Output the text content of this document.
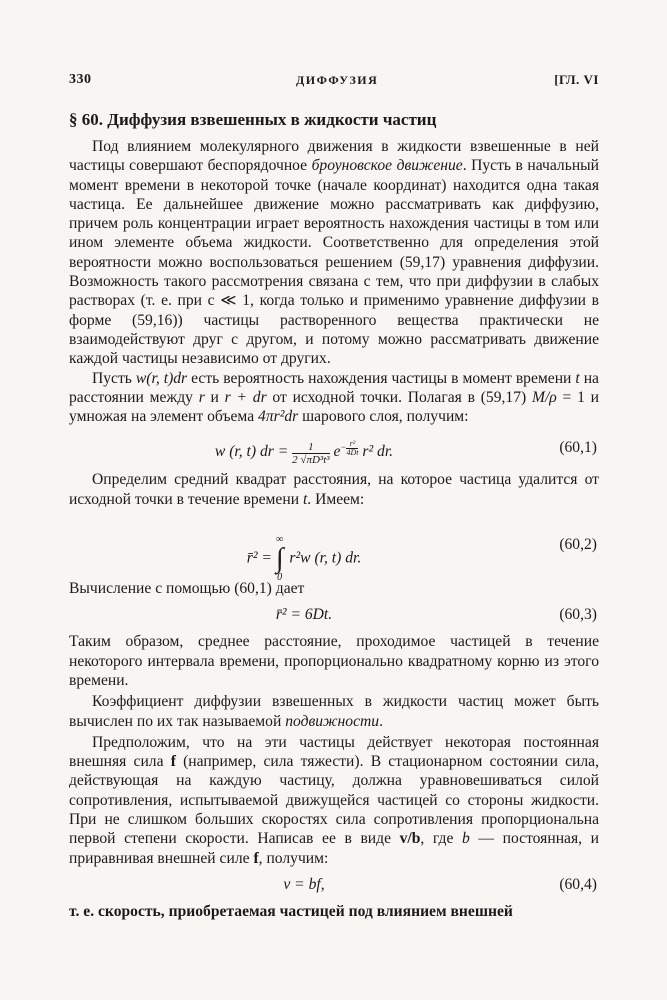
330	ДИФФУЗИЯ	[ГЛ. VI
§ 60. Диффузия взвешенных в жидкости частиц

Под влиянием молекулярного движения в жидкости взвешенные в ней частицы совершают беспорядочное броуновское движение. Пусть в начальный момент времени в некоторой точке (начале координат) находится одна такая частица. Ее дальнейшее движение можно рассматривать как диффузию, причем роль концентрации играет вероятность нахождения частицы в том или ином элементе объема жидкости. Соответственно для определения этой вероятности можно воспользоваться решением (59,17) уравнения диффузии. Возможность такого рассмотрения связана с тем, что при диффузии в слабых растворах (т. е. при c ≪ 1, когда только и применимо уравнение диффузии в форме (59,16)) частицы растворенного вещества практически не взаимодействуют друг с другом, и потому можно рассматривать движение каждой частицы независимо от других.

Пусть w(r, t)dr есть вероятность нахождения частицы в момент времени t на расстоянии между r и r + dr от исходной точки. Полагая в (59,17) M/ρ = 1 и умножая на элемент объема 4πr²dr шарового слоя, получим:

w (r, t) dr = $\frac{1}{\text{2 √πD³t³}} e^{- \frac{\text{r²}}{4Dt}}$ r² dr.	(60,1)

Определим средний квадрат расстояния, на которое частица удалится от исходной точки в течение времени t. Имеем:

r̄² =
∞
∫
0
r²w (r, t) dr.
(60,2)

Вычисление с помощью (60,1) дает

r̄² = 6Dt.	(60,3)

Таким образом, среднее расстояние, проходимое частицей в течение некоторого интервала времени, пропорционально квадратному корню из этого времени.

Коэффициент диффузии взвешенных в жидкости частиц может быть вычислен по их так называемой подвижности.

Предположим, что на эти частицы действует некоторая постоянная внешняя сила f (например, сила тяжести). В стационарном состоянии сила, действующая на каждую частицу, должна уравновешиваться силой сопротивления, испытываемой движущейся частицей со стороны жидкости. При не слишком больших скоростях сила сопротивления пропорциональна первой степени скорости. Написав ее в виде v/b, где b — постоянная, и приравнивая внешней силе f, получим:

v = bf,	(60,4)

т. е. скорость, приобретаемая частицей под влиянием внешней
